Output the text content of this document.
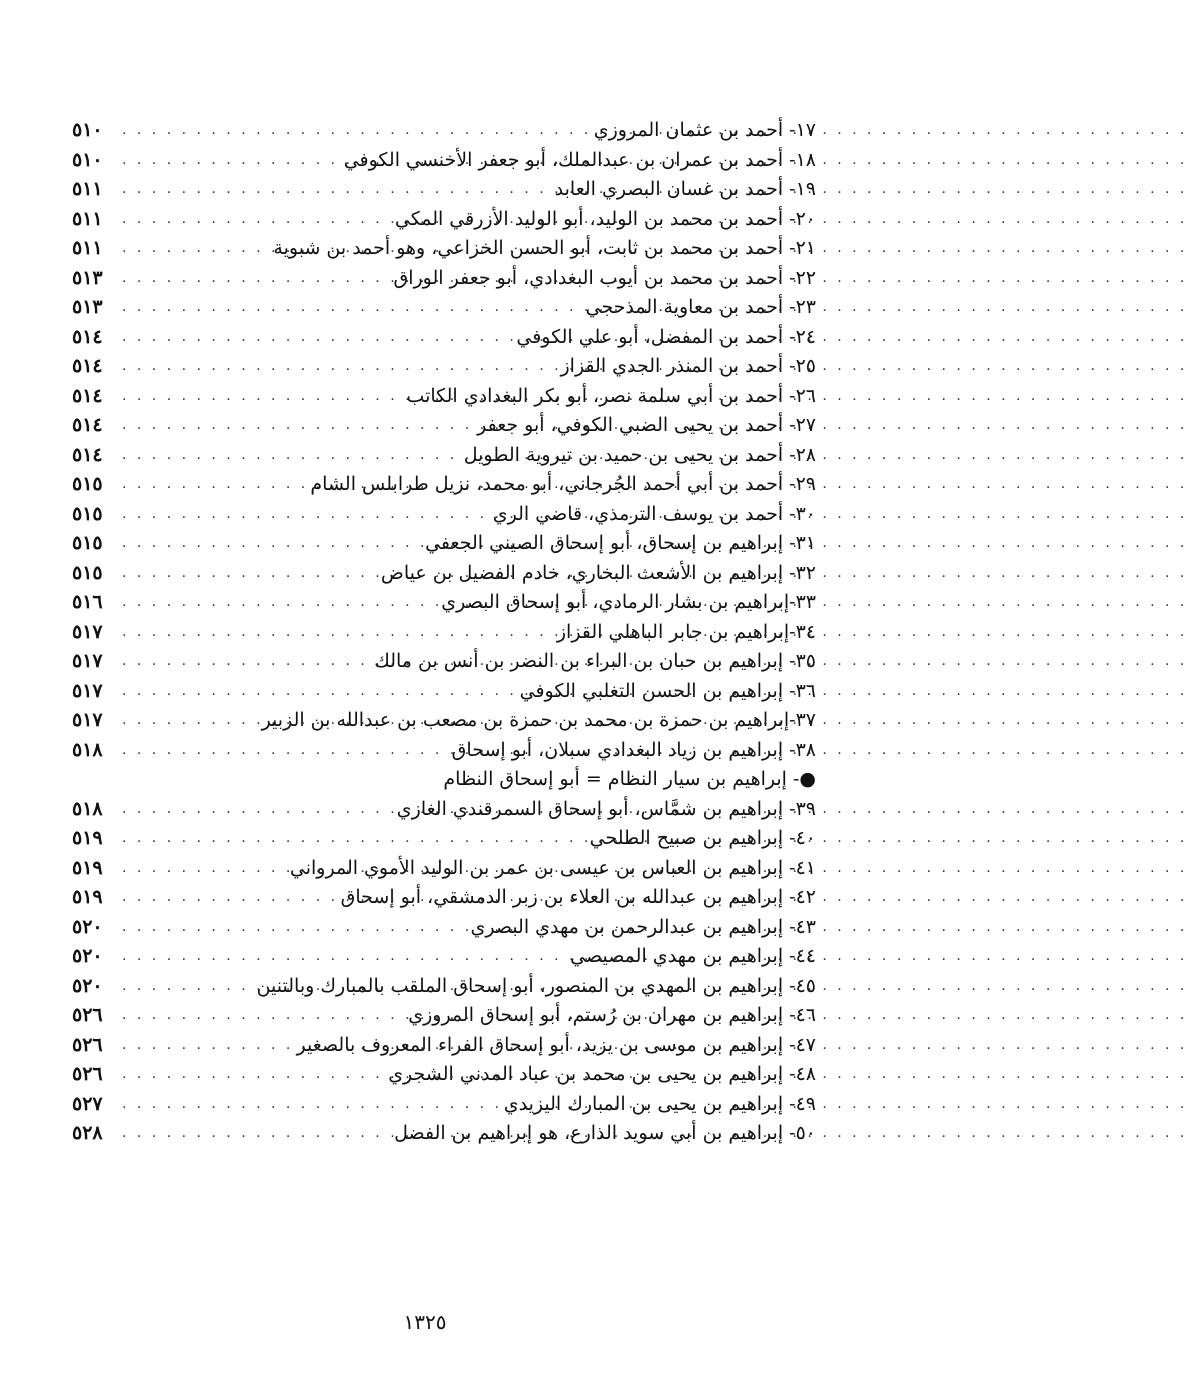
١٧- أحمد بن عثمان المروزي
. . .
٥١٠
١٨- أحمد بن عمران بن عبدالملك، أبو جعفر الأخنسي الكوفي
. . .
٥١٠
١٩- أحمد بن غسان البصري العابد
. . .
٥١١
٢٠- أحمد بن محمد بن الوليد، أبو الوليد الأزرقي المكي
. . .
٥١١
٢١- أحمد بن محمد بن ثابت، أبو الحسن الخزاعي، وهو أحمد بن شبوية
. . .
٥١١
٢٢- أحمد بن محمد بن أيوب البغدادي، أبو جعفر الوراق
. . .
٥١٣
٢٣- أحمد بن معاوية المذحجي
. . .
٥١٣
٢٤- أحمد بن المفضل، أبو علي الكوفي
. . .
٥١٤
٢٥- أحمد بن المنذر الجدي القزاز
. . .
٥١٤
٢٦- أحمد بن أبي سلمة نصر، أبو بكر البغدادي الكاتب
. . .
٥١٤
٢٧- أحمد بن يحيى الضبي الكوفي، أبو جعفر
. . .
٥١٤
٢٨- أحمد بن يحيى بن حميد بن تيروية الطويل
. . .
٥١٤
٢٩- أحمد بن أبي أحمد الجُرجاني، أبو محمد، نزيل طرابلس الشام
. . .
٥١٥
٣٠- أحمد بن يوسف الترمذي، قاضي الري
. . .
٥١٥
٣١- إبراهيم بن إسحاق، أبو إسحاق الصيني الجعفي
. . .
٥١٥
٣٢- إبراهيم بن الأشعث البخاري، خادم الفضيل بن عياض
. . .
٥١٥
٣٣-إبراهيم بن بشار الرمادي، أبو إسحاق البصري
. . .
٥١٦
٣٤-إبراهيم بن جابر الباهلي القزاز
. . .
٥١٧
٣٥- إبراهيم بن حبان بن البراء بن النضر بن أنس بن مالك
. . .
٥١٧
٣٦- إبراهيم بن الحسن التغلبي الكوفي
. . .
٥١٧
٣٧-إبراهيم بن حمزة بن محمد بن حمزة بن مصعب بن عبدالله بن الزبير
. . .
٥١٧
٣٨- إبراهيم بن زياد البغدادي سبلان، أبو إسحاق
. . .
٥١٨
●- إبراهيم بن سيار النظام = أبو إسحاق النظام
٣٩- إبراهيم بن شمَّاس، أبو إسحاق السمرقندي الغازي
. . .
٥١٨
٤٠- إبراهيم بن صبيح الطلحي
. . .
٥١٩
٤١- إبراهيم بن العباس بن عيسى بن عمر بن الوليد الأموي المرواني
. . .
٥١٩
٤٢- إبراهيم بن عبدالله بن العلاء بن زبر الدمشقي، أبو إسحاق
. . .
٥١٩
٤٣- إبراهيم بن عبدالرحمن بن مهدي البصري
. . .
٥٢٠
٤٤- إبراهيم بن مهدي المصيصي
. . .
٥٢٠
٤٥- إبراهيم بن المهدي بن المنصور، أبو إسحاق الملقب بالمبارك وبالتنين
. . .
٥٢٠
٤٦- إبراهيم بن مهران بن رُستم، أبو إسحاق المروزي
. . .
٥٢٦
٤٧- إبراهيم بن موسى بن يزيد، أبو إسحاق الفراء المعروف بالصغير
. . .
٥٢٦
٤٨- إبراهيم بن يحيى بن محمد بن عباد المدني الشجري
. . .
٥٢٦
٤٩- إبراهيم بن يحيى بن المبارك اليزيدي
. . .
٥٢٧
٥٠- إبراهيم بن أبي سويد الذارع، هو إبراهيم بن الفضل
. . .
٥٢٨
١٣٢٥
